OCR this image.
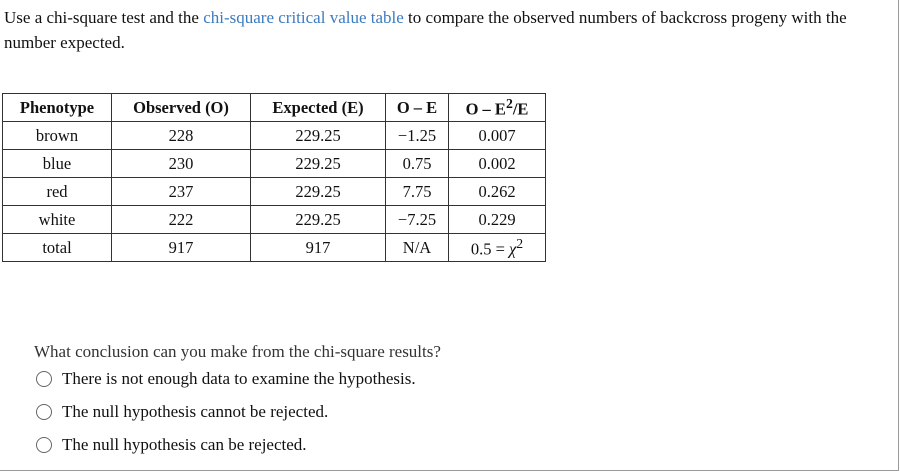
Use a chi-square test and the chi-square critical value table to compare the observed numbers of backcross progeny with the number expected.
Phenotype	Observed (O)	Expected (E)	O – E	O – $E^2/E$
brown	228	229.25	−1.25	0.007
blue	230	229.25	0.75	0.002
red	237	229.25	7.75	0.262
white	222	229.25	−7.25	0.229
total	917	917	N/A	$0.5 = \chi^2$
What conclusion can you make from the chi-square results?
There is not enough data to examine the hypothesis.
The null hypothesis cannot be rejected.
The null hypothesis can be rejected.
